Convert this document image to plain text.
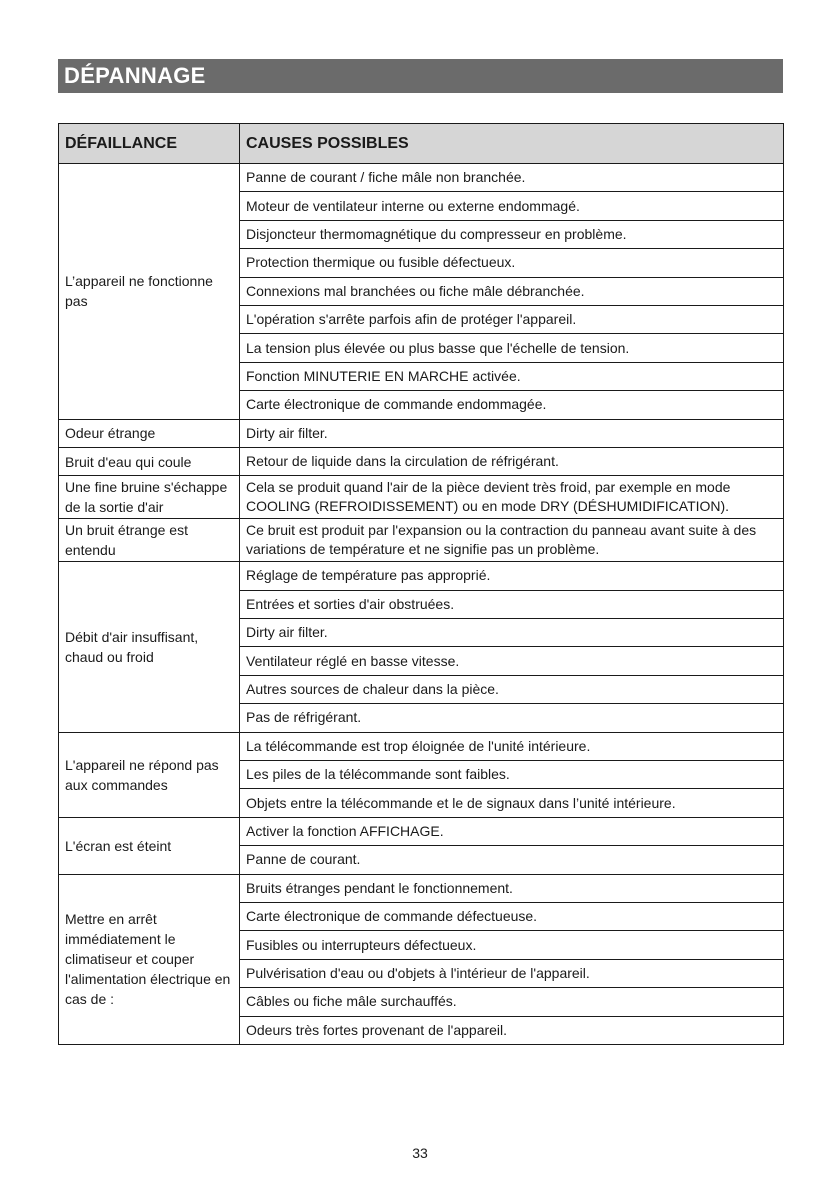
DÉPANNAGE
DÉFAILLANCE	CAUSES POSSIBLES
L’appareil ne fonctionne pas	Panne de courant / fiche mâle non branchée.
	Moteur de ventilateur interne ou externe endommagé.
	Disjoncteur thermomagnétique du compresseur en problème.
	Protection thermique ou fusible défectueux.
	Connexions mal branchées ou fiche mâle débranchée.
	L'opération s'arrête parfois afin de protéger l'appareil.
	La tension plus élevée ou plus basse que l'échelle de tension.
	Fonction MINUTERIE EN MARCHE activée.
	Carte électronique de commande endommagée.
Odeur étrange	Dirty air filter.
Bruit d'eau qui coule	Retour de liquide dans la circulation de réfrigérant.
Une fine bruine s'échappe de la sortie d'air	Cela se produit quand l'air de la pièce devient très froid, par exemple en mode COOLING (REFROIDISSEMENT) ou en mode DRY (DÉSHUMIDIFICATION).
Un bruit étrange est entendu	Ce bruit est produit par l'expansion ou la contraction du panneau avant suite à des variations de température et ne signifie pas un problème.
Débit d'air insuffisant, chaud ou froid	Réglage de température pas approprié.
	Entrées et sorties d'air obstruées.
	Dirty air filter.
	Ventilateur réglé en basse vitesse.
	Autres sources de chaleur dans la pièce.
	Pas de réfrigérant.
L'appareil ne répond pas aux commandes	La télécommande est trop éloignée de l'unité intérieure.
	Les piles de la télécommande sont faibles.
	Objets entre la télécommande et le de signaux dans l’unité intérieure.
L'écran est éteint	Activer la fonction AFFICHAGE.
	Panne de courant.
Mettre en arrêt immédiatement le climatiseur et couper l'alimentation électrique en cas de :	Bruits étranges pendant le fonctionnement.
	Carte électronique de commande défectueuse.
	Fusibles ou interrupteurs défectueux.
	Pulvérisation d'eau ou d'objets à l'intérieur de l'appareil.
	Câbles ou fiche mâle surchauffés.
	Odeurs très fortes provenant de l'appareil.
33
